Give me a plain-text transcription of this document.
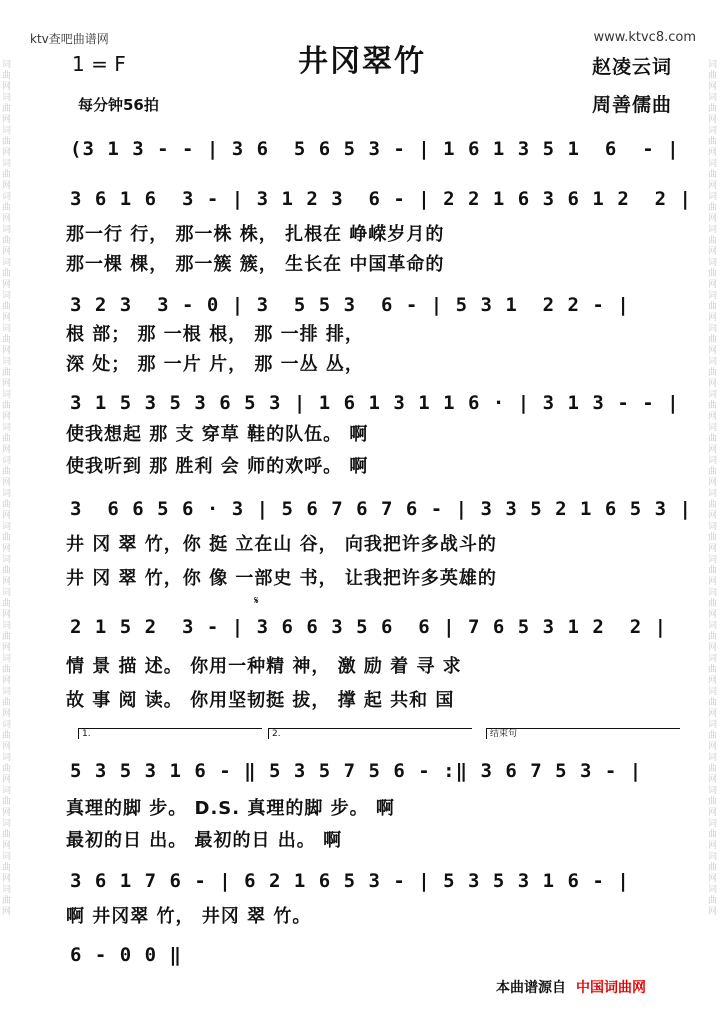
词曲网词曲网词曲网词曲网词曲网词曲网词曲网词曲网词曲网词曲网词曲网词曲网词曲网词曲网词曲网词曲网词曲网词曲网词曲网词曲网词曲网词曲网词曲网词曲网词曲网词曲网
词曲网词曲网词曲网词曲网词曲网词曲网词曲网词曲网词曲网词曲网词曲网词曲网词曲网词曲网词曲网词曲网词曲网词曲网词曲网词曲网词曲网词曲网词曲网词曲网词曲网词曲网
ktv查吧曲谱网	www.ktvc8.com
井冈翠竹
1 = F	赵凌云词
周善儒曲
每分钟56拍
(3 1 3 - - | 3 6  5 6 5 3 - | 1 6 1 3 5 1  6  - |
3 6 1 6  3 - | 3 1 2 3  6 - | 2 2 1 6 3 6 1 2  2 |
那一行 行， 那一株 株， 扎根在 峥嵘岁月的
那一棵 棵， 那一簇 簇， 生长在 中国革命的
3 2 3  3 - 0 | 3  5 5 3  6 - | 5 3 1  2 2 - |
根 部； 那 一根 根， 那 一排 排，
深 处； 那 一片 片， 那 一丛 丛，
3 1 5 3 5 3 6 5 3 | 1 6 1 3 1 1 6 · | 3 1 3 - - |
使我想起 那 支 穿草 鞋的队伍。 啊
使我听到 那 胜利 会 师的欢呼。 啊
3  6 6 5 6 · 3 | 5 6 7 6 7 6 - | 3 3 5 2 1 6 5 3 |
井 冈 翠 竹，你 挺 立在山 谷， 向我把许多战斗的
井 冈 翠 竹，你 像 一部史 书， 让我把许多英雄的
𝄋
2 1 5 2  3 - | 3 6 6 3 5 6  6 | 7 6 5 3 1 2  2 |
情 景 描 述。 你用一种精 神， 激 励 着 寻 求
故 事 阅 读。 你用坚韧挺 拔， 撑 起 共和 国
1.	2.	结束句
5 3 5 3 1 6 - ‖ 5 3 5 7 5 6 - :‖ 3 6 7 5 3 - |
真理的脚 步。 D.S. 真理的脚 步。 啊
最初的日 出。 最初的日 出。 啊
3 6 1 7 6 - | 6 2 1 6 5 3 - | 5 3 5 3 1 6 - |
啊 井冈翠 竹， 井冈 翠 竹。
6 - 0 0 ‖
本曲谱源自 中国词曲网
